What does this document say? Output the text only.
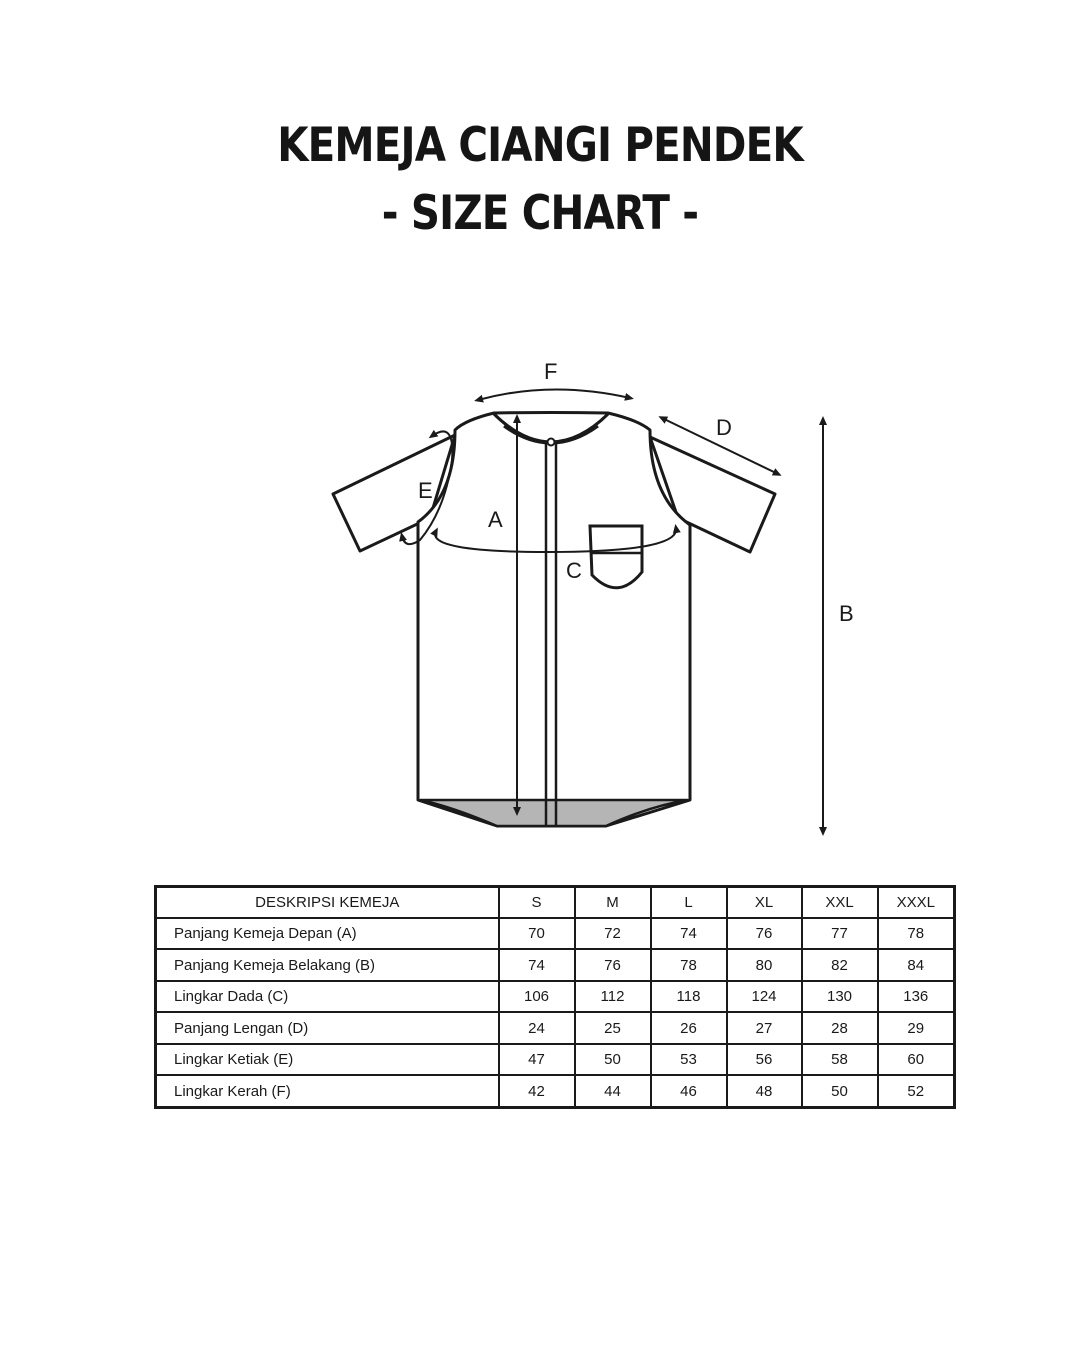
KEMEJA CIANGI PENDEK
- SIZE CHART -
F
D
E
A
C
B
DESKRIPSI KEMEJA	S	M	L	XL	XXL	XXXL
Panjang Kemeja Depan (A)	70	72	74	76	77	78
Panjang Kemeja Belakang (B)	74	76	78	80	82	84
Lingkar Dada (C)	106	112	118	124	130	136
Panjang Lengan (D)	24	25	26	27	28	29
Lingkar Ketiak (E)	47	50	53	56	58	60
Lingkar Kerah (F)	42	44	46	48	50	52
